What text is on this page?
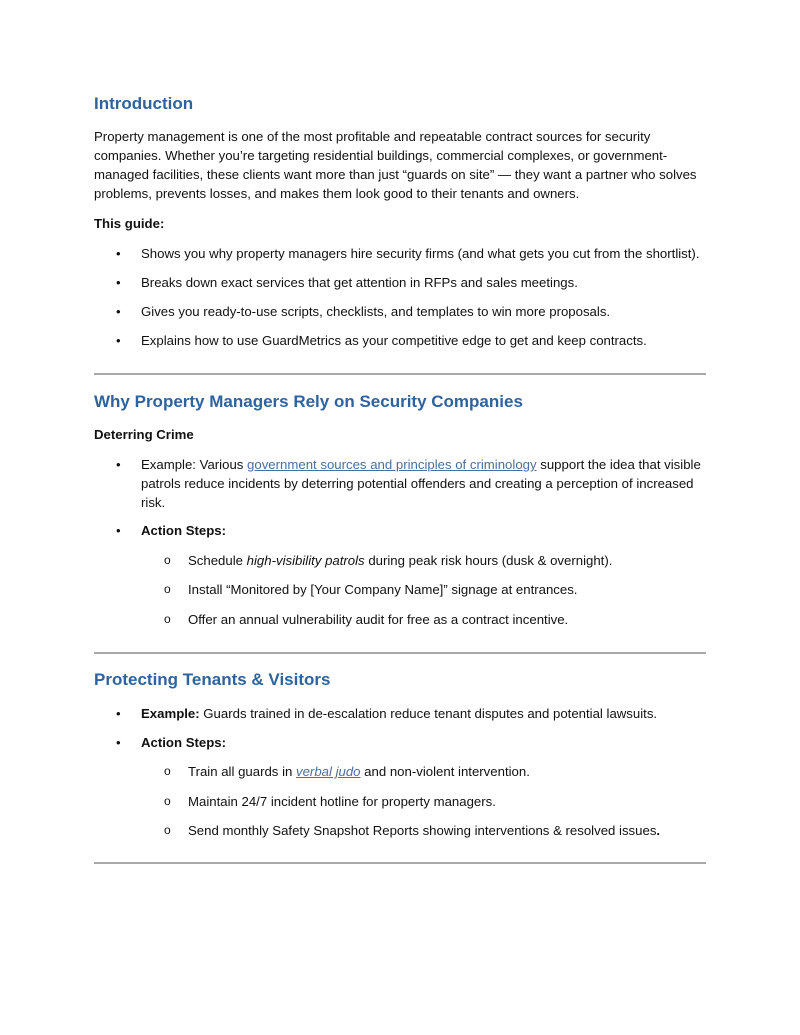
Introduction
Property management is one of the most profitable and repeatable contract sources for security companies. Whether you’re targeting residential buildings, commercial complexes, or government-managed facilities, these clients want more than just “guards on site” — they want a partner who solves problems, prevents losses, and makes them look good to their tenants and owners.
This guide:
• Shows you why property managers hire security firms (and what gets you cut from the shortlist).
• Breaks down exact services that get attention in RFPs and sales meetings.
• Gives you ready-to-use scripts, checklists, and templates to win more proposals.
• Explains how to use GuardMetrics as your competitive edge to get and keep contracts.
Why Property Managers Rely on Security Companies
Deterring Crime
• Example: Various government sources and principles of criminology support the idea that visible patrols reduce incidents by deterring potential offenders and creating a perception of increased risk.
• Action Steps:
o Schedule high-visibility patrols during peak risk hours (dusk & overnight).
o Install “Monitored by [Your Company Name]” signage at entrances.
o Offer an annual vulnerability audit for free as a contract incentive.
Protecting Tenants & Visitors
• Example: Guards trained in de-escalation reduce tenant disputes and potential lawsuits.
• Action Steps:
o Train all guards in verbal judo and non-violent intervention.
o Maintain 24/7 incident hotline for property managers.
o Send monthly Safety Snapshot Reports showing interventions & resolved issues.
